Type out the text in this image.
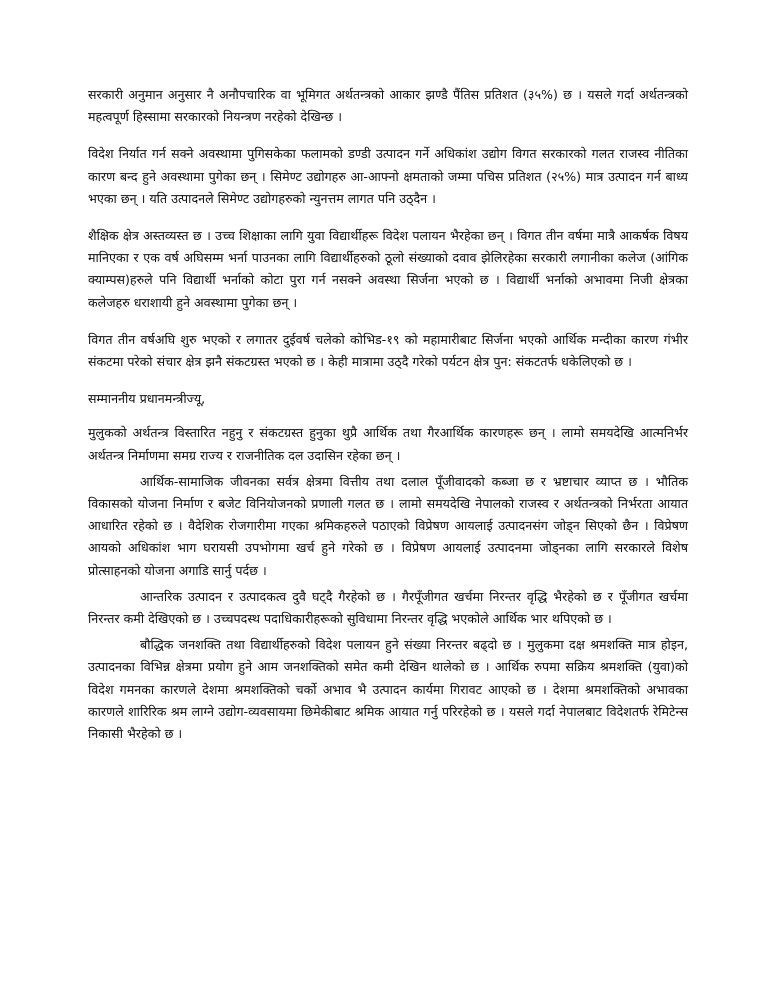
सरकारी अनुमान अनुसार नै अनौपचारिक वा भूमिगत अर्थतन्त्रको आकार झण्डै पैंतिस प्रतिशत (३५%) छ । यसले गर्दा अर्थतन्त्रको महत्वपूर्ण हिस्सामा सरकारको नियन्त्रण नरहेको देखिन्छ ।

विदेश निर्यात गर्न सक्ने अवस्थामा पुगिसकेका फलामको डण्डी उत्पादन गर्ने अधिकांश उद्योग विगत सरकारको गलत राजस्व नीतिका कारण बन्द हुने अवस्थामा पुगेका छन् । सिमेण्ट उद्योगहरु आ-आफ्नो क्षमताको जम्मा पचिस प्रतिशत (२५%) मात्र उत्पादन गर्न बाध्य भएका छन् । यति उत्पादनले सिमेण्ट उद्योगहरुको न्युनत्तम लागत पनि उठ्दैन ।

शैक्षिक क्षेत्र अस्तव्यस्त छ । उच्च शिक्षाका लागि युवा विद्यार्थीहरू विदेश पलायन भैरहेका छन् । विगत तीन वर्षमा मात्रै आकर्षक विषय मानिएका र एक वर्ष अघिसम्म भर्ना पाउनका लागि विद्यार्थीहरुको ठूलो संख्याको दवाव झेलिरहेका सरकारी लगानीका कलेज (आंगिक क्याम्पस)हरुले पनि विद्यार्थी भर्नाको कोटा पुरा गर्न नसक्ने अवस्था सिर्जना भएको छ । विद्यार्थी भर्नाको अभावमा निजी क्षेत्रका कलेजहरु धराशायी हुने अवस्थामा पुगेका छन् ।

विगत तीन वर्षअघि शुरु भएको र लगातर दुईवर्ष चलेको कोभिड-१९ को महामारीबाट सिर्जना भएको आर्थिक मन्दीका कारण गंभीर संकटमा परेको संचार क्षेत्र झनै संकटग्रस्त भएको छ । केही मात्रामा उठ्दै गरेको पर्यटन क्षेत्र पुन: संकटतर्फ धकेलिएको छ ।

सम्माननीय प्रधानमन्त्रीज्यू,

मुलुकको अर्थतन्त्र विस्तारित नहुनु र संकटग्रस्त हुनुका थुप्रै आर्थिक तथा गैरआर्थिक कारणहरू छन् । लामो समयदेखि आत्मनिर्भर अर्थतन्त्र निर्माणमा समग्र राज्य र राजनीतिक दल उदासिन रहेका छन् ।

आर्थिक-सामाजिक जीवनका सर्वत्र क्षेत्रमा वित्तीय तथा दलाल पूँजीवादको कब्जा छ र भ्रष्टाचार व्याप्त छ । भौतिक विकासको योजना निर्माण र बजेट विनियोजनको प्रणाली गलत छ । लामो समयदेखि नेपालको राजस्व र अर्थतन्त्रको निर्भरता आयात आधारित रहेको छ । वैदेशिक रोजगारीमा गएका श्रमिकहरुले पठाएको विप्रेषण आयलाई उत्पादनसंग जोड्न सिएको छैन । विप्रेषण आयको अधिकांश भाग घरायसी उपभोगमा खर्च हुने गरेको छ । विप्रेषण आयलाई उत्पादनमा जोड्नका लागि सरकारले विशेष प्रोत्साहनको योजना अगाडि सार्नु पर्दछ ।

आन्तरिक उत्पादन र उत्पादकत्व दुवै घट्दै गैरहेको छ । गैरपूँजीगत खर्चमा निरन्तर वृद्धि भैरहेको छ र पूँजीगत खर्चमा निरन्तर कमी देखिएको छ । उच्चपदस्थ पदाधिकारीहरूको सुविधामा निरन्तर वृद्धि भएकोले आर्थिक भार थपिएको छ ।

बौद्धिक जनशक्ति तथा विद्यार्थीहरुको विदेश पलायन हुने संख्या निरन्तर बढ्दो छ । मुलुकमा दक्ष श्रमशक्ति मात्र होइन, उत्पादनका विभिन्न क्षेत्रमा प्रयोग हुने आम जनशक्तिको समेत कमी देखिन थालेको छ । आर्थिक रुपमा सक्रिय श्रमशक्ति (युवा)को विदेश गमनका कारणले देशमा श्रमशक्तिको चर्को अभाव भै उत्पादन कार्यमा गिरावट आएको छ । देशमा श्रमशक्तिको अभावका कारणले शारिरिक श्रम लाग्ने उद्योग-व्यवसायमा छिमेकीबाट श्रमिक आयात गर्नु परिरहेको छ । यसले गर्दा नेपालबाट विदेशतर्फ रेमिटेन्स निकासी भैरहेको छ ।
